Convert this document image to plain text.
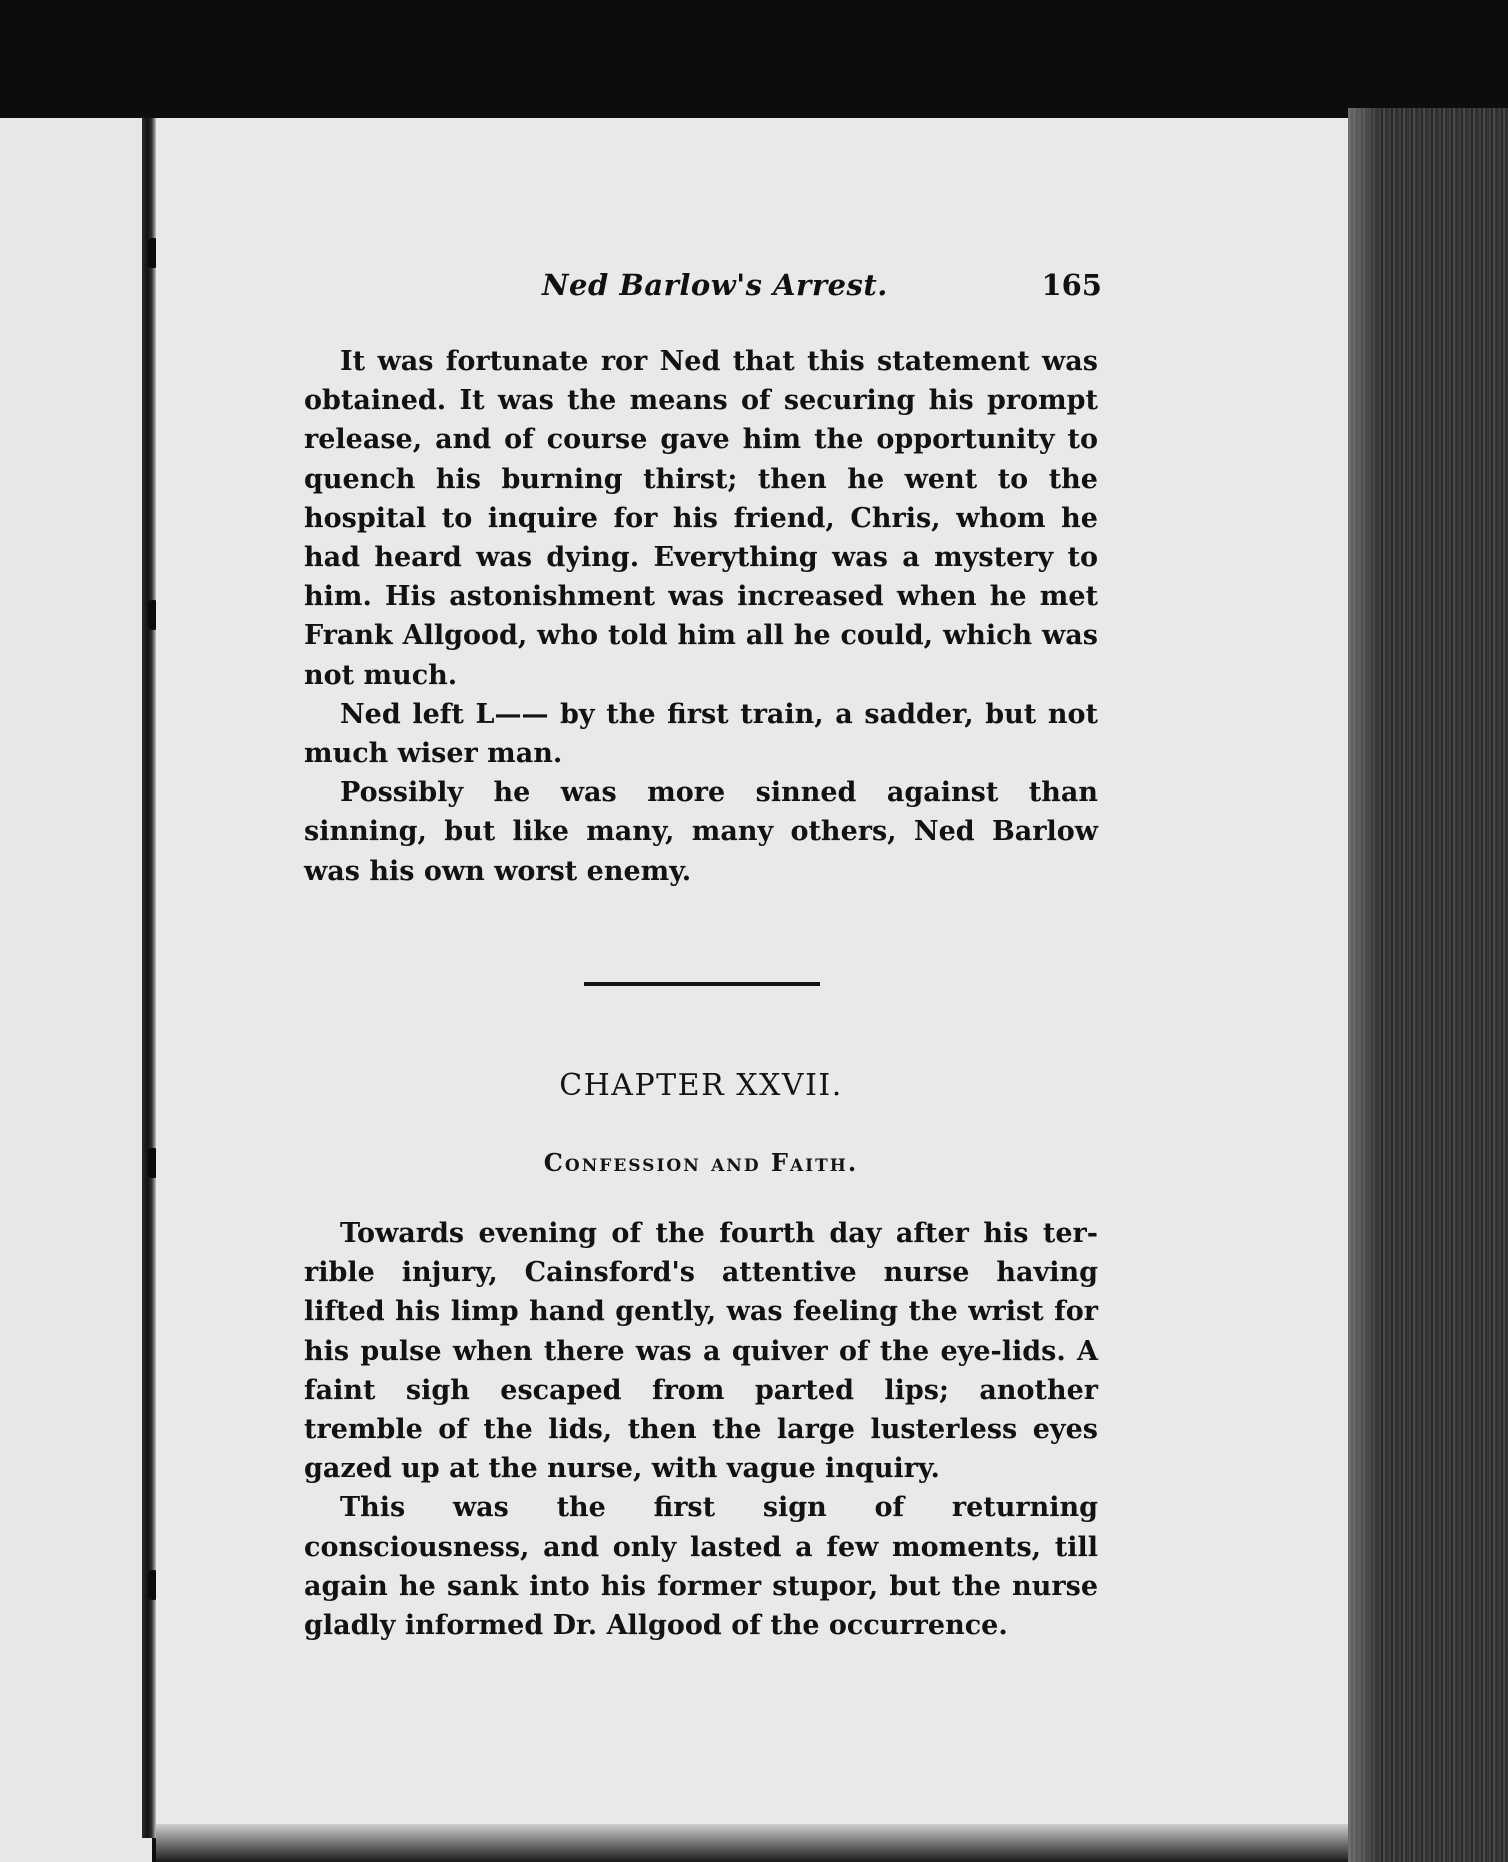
Ned Barlow's Arrest.	165

It was fortunate ror Ned that this statement was obtained. It was the means of securing his prompt release, and of course gave him the opportunity to quench his burning thirst; then he went to the hospital to inquire for his friend, Chris, whom he had heard was dying. Everything was a mystery to him. His astonishment was increased when he met Frank Allgood, who told him all he could, which was not much.

Ned left L—— by the first train, a sadder, but not much wiser man.

Possibly he was more sinned against than sinning, but like many, many others, Ned Barlow was his own worst enemy.

CHAPTER XXVII.
Confession and Faith.

Towards evening of the fourth day after his terrible injury, Cainsford's attentive nurse having lifted his limp hand gently, was feeling the wrist for his pulse when there was a quiver of the eye-lids. A faint sigh escaped from parted lips; another tremble of the lids, then the large lusterless eyes gazed up at the nurse, with vague inquiry.

This was the first sign of returning consciousness, and only lasted a few moments, till again he sank into his former stupor, but the nurse gladly informed Dr. Allgood of the occurrence.
